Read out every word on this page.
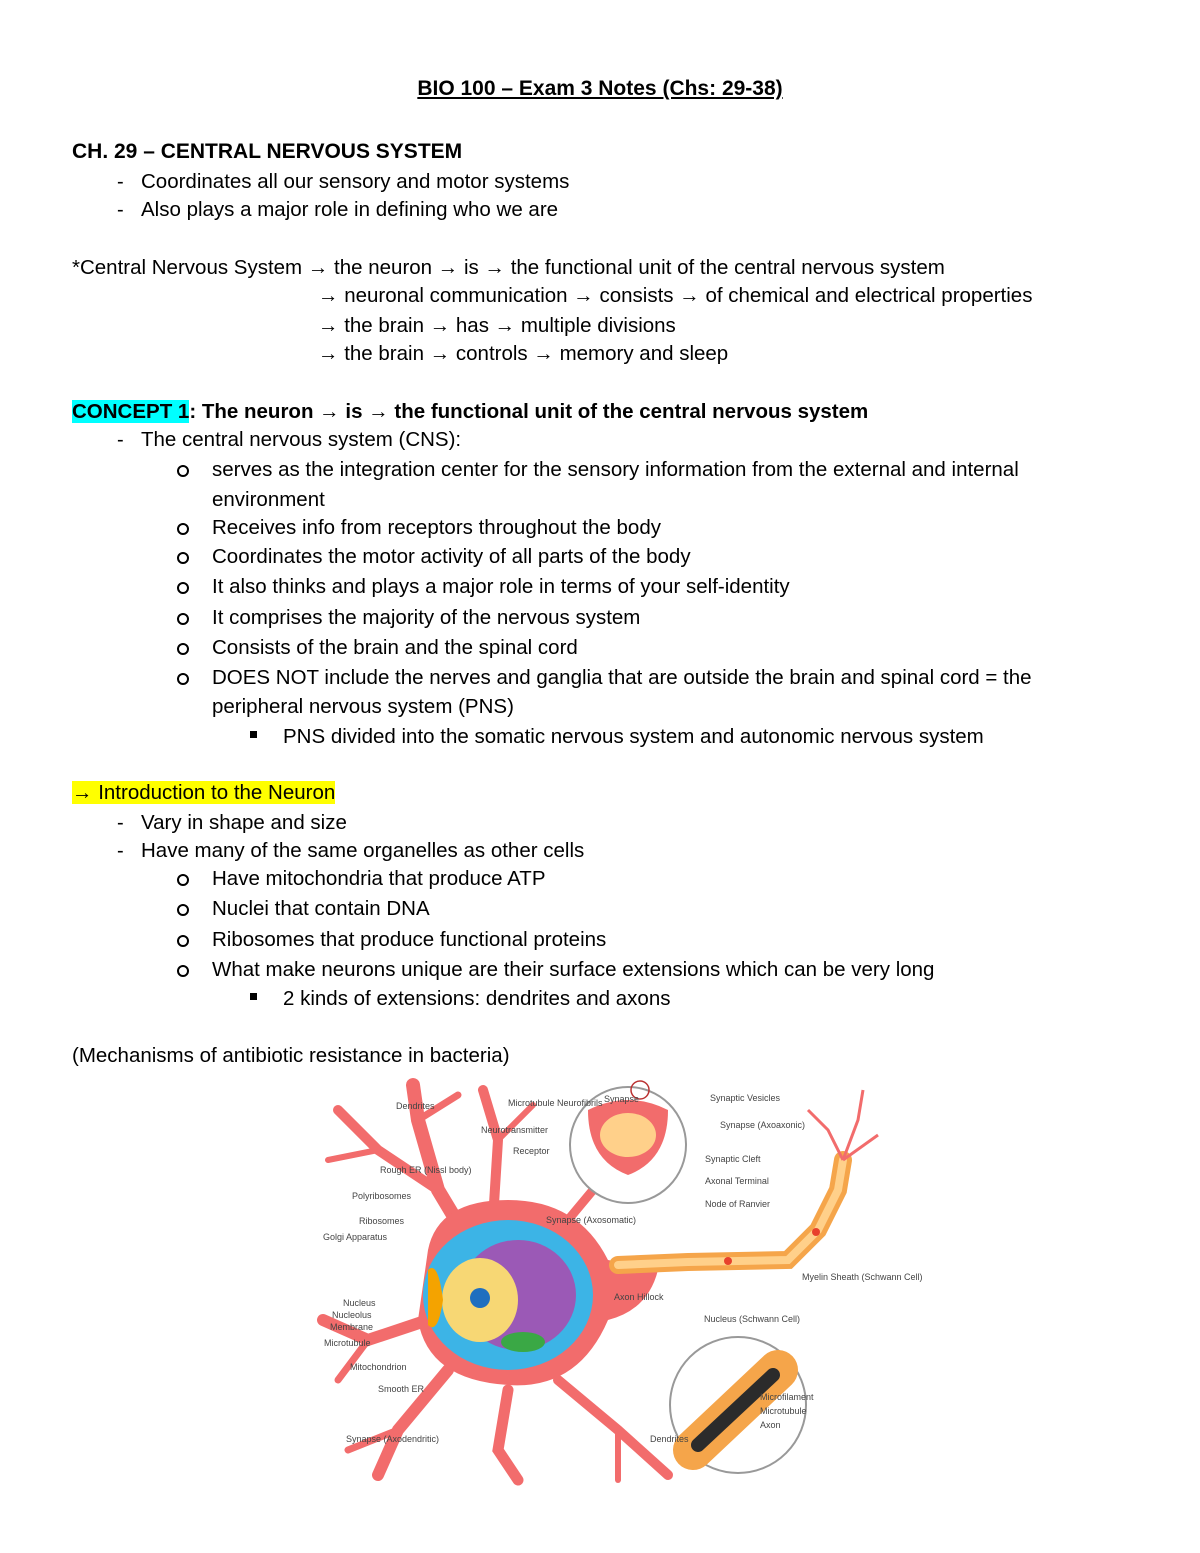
BIO 100 – Exam 3 Notes (Chs: 29-38)
CH. 29 – CENTRAL NERVOUS SYSTEM
- Coordinates all our sensory and motor systems
- Also plays a major role in defining who we are
*Central Nervous System → the neuron → is → the functional unit of the central nervous system
→ neuronal communication → consists → of chemical and electrical properties
→ the brain → has → multiple divisions
→ the brain → controls → memory and sleep
CONCEPT 1: The neuron → is → the functional unit of the central nervous system
- The central nervous system (CNS):
serves as the integration center for the sensory information from the external and internal
environment
Receives info from receptors throughout the body
Coordinates the motor activity of all parts of the body
It also thinks and plays a major role in terms of your self-identity
It comprises the majority of the nervous system
Consists of the brain and the spinal cord
DOES NOT include the nerves and ganglia that are outside the brain and spinal cord = the
peripheral nervous system (PNS)
PNS divided into the somatic nervous system and autonomic nervous system
→ Introduction to the Neuron
- Vary in shape and size
- Have many of the same organelles as other cells
Have mitochondria that produce ATP
Nuclei that contain DNA
Ribosomes that produce functional proteins
What make neurons unique are their surface extensions which can be very long
2 kinds of extensions: dendrites and axons
(Mechanisms of antibiotic resistance in bacteria)
Dendrites	Microtubule Neurofibrils
Neurotransmitter
Receptor
Rough ER (Nissl body)
Polyribosomes
Ribosomes
Golgi Apparatus
Synapse	Synaptic Vesicles
Synapse (Axoaxonic)
Synaptic Cleft
Axonal Terminal
Node of Ranvier
Synapse (Axosomatic)
Nucleus
Nucleolus
Membrane
Microtubule
Mitochondrion
Smooth ER
Synapse (Axodendritic)
Axon Hillock
Myelin Sheath (Schwann Cell)
Nucleus (Schwann Cell)
Microfilament
Microtubule
Axon
Dendrites
